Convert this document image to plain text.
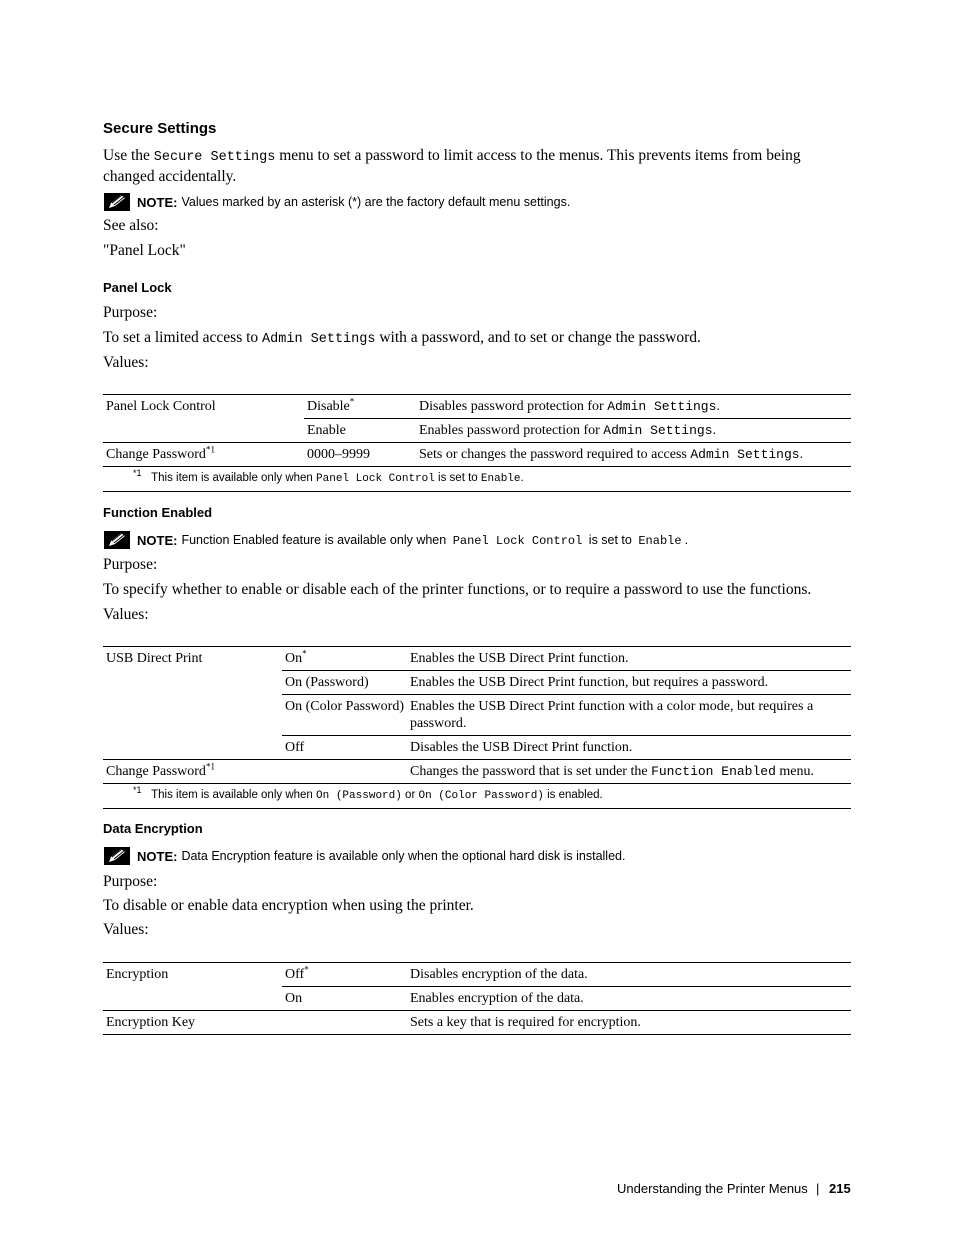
Secure Settings
Use the Secure Settings menu to set a password to limit access to the menus. This prevents items from being changed accidentally.
NOTE: Values marked by an asterisk (*) are the factory default menu settings.
See also:
"Panel Lock"
Panel Lock
Purpose:
To set a limited access to Admin Settings with a password, and to set or change the password.
Values:
Panel Lock Control	Disable*	Disables password protection for Admin Settings.
	Enable	Enables password protection for Admin Settings.
Change Password$^{*1}$	0000–9999	Sets or changes the password required to access Admin Settings.
$^{*1}$ This item is available only when Panel Lock Control is set to Enable.		
Function Enabled
NOTE: Function Enabled feature is available only when Panel Lock Control is set to Enable .
Purpose:
To specify whether to enable or disable each of the printer functions, or to require a password to use the functions.
Values:
USB Direct Print	On*	Enables the USB Direct Print function.
	On (Password)	Enables the USB Direct Print function, but requires a password.
	On (Color Password)	Enables the USB Direct Print function with a color mode, but requires a password.
	Off	Disables the USB Direct Print function.
Change Password$^{*1}$		Changes the password that is set under the Function Enabled menu.
$^{*1}$ This item is available only when On (Password) or On (Color Password) is enabled.		
Data Encryption
NOTE: Data Encryption feature is available only when the optional hard disk is installed.
Purpose:
To disable or enable data encryption when using the printer.
Values:
Encryption	Off*	Disables encryption of the data.
	On	Enables encryption of the data.
Encryption Key		Sets a key that is required for encryption.
Understanding the Printer Menus | 215
